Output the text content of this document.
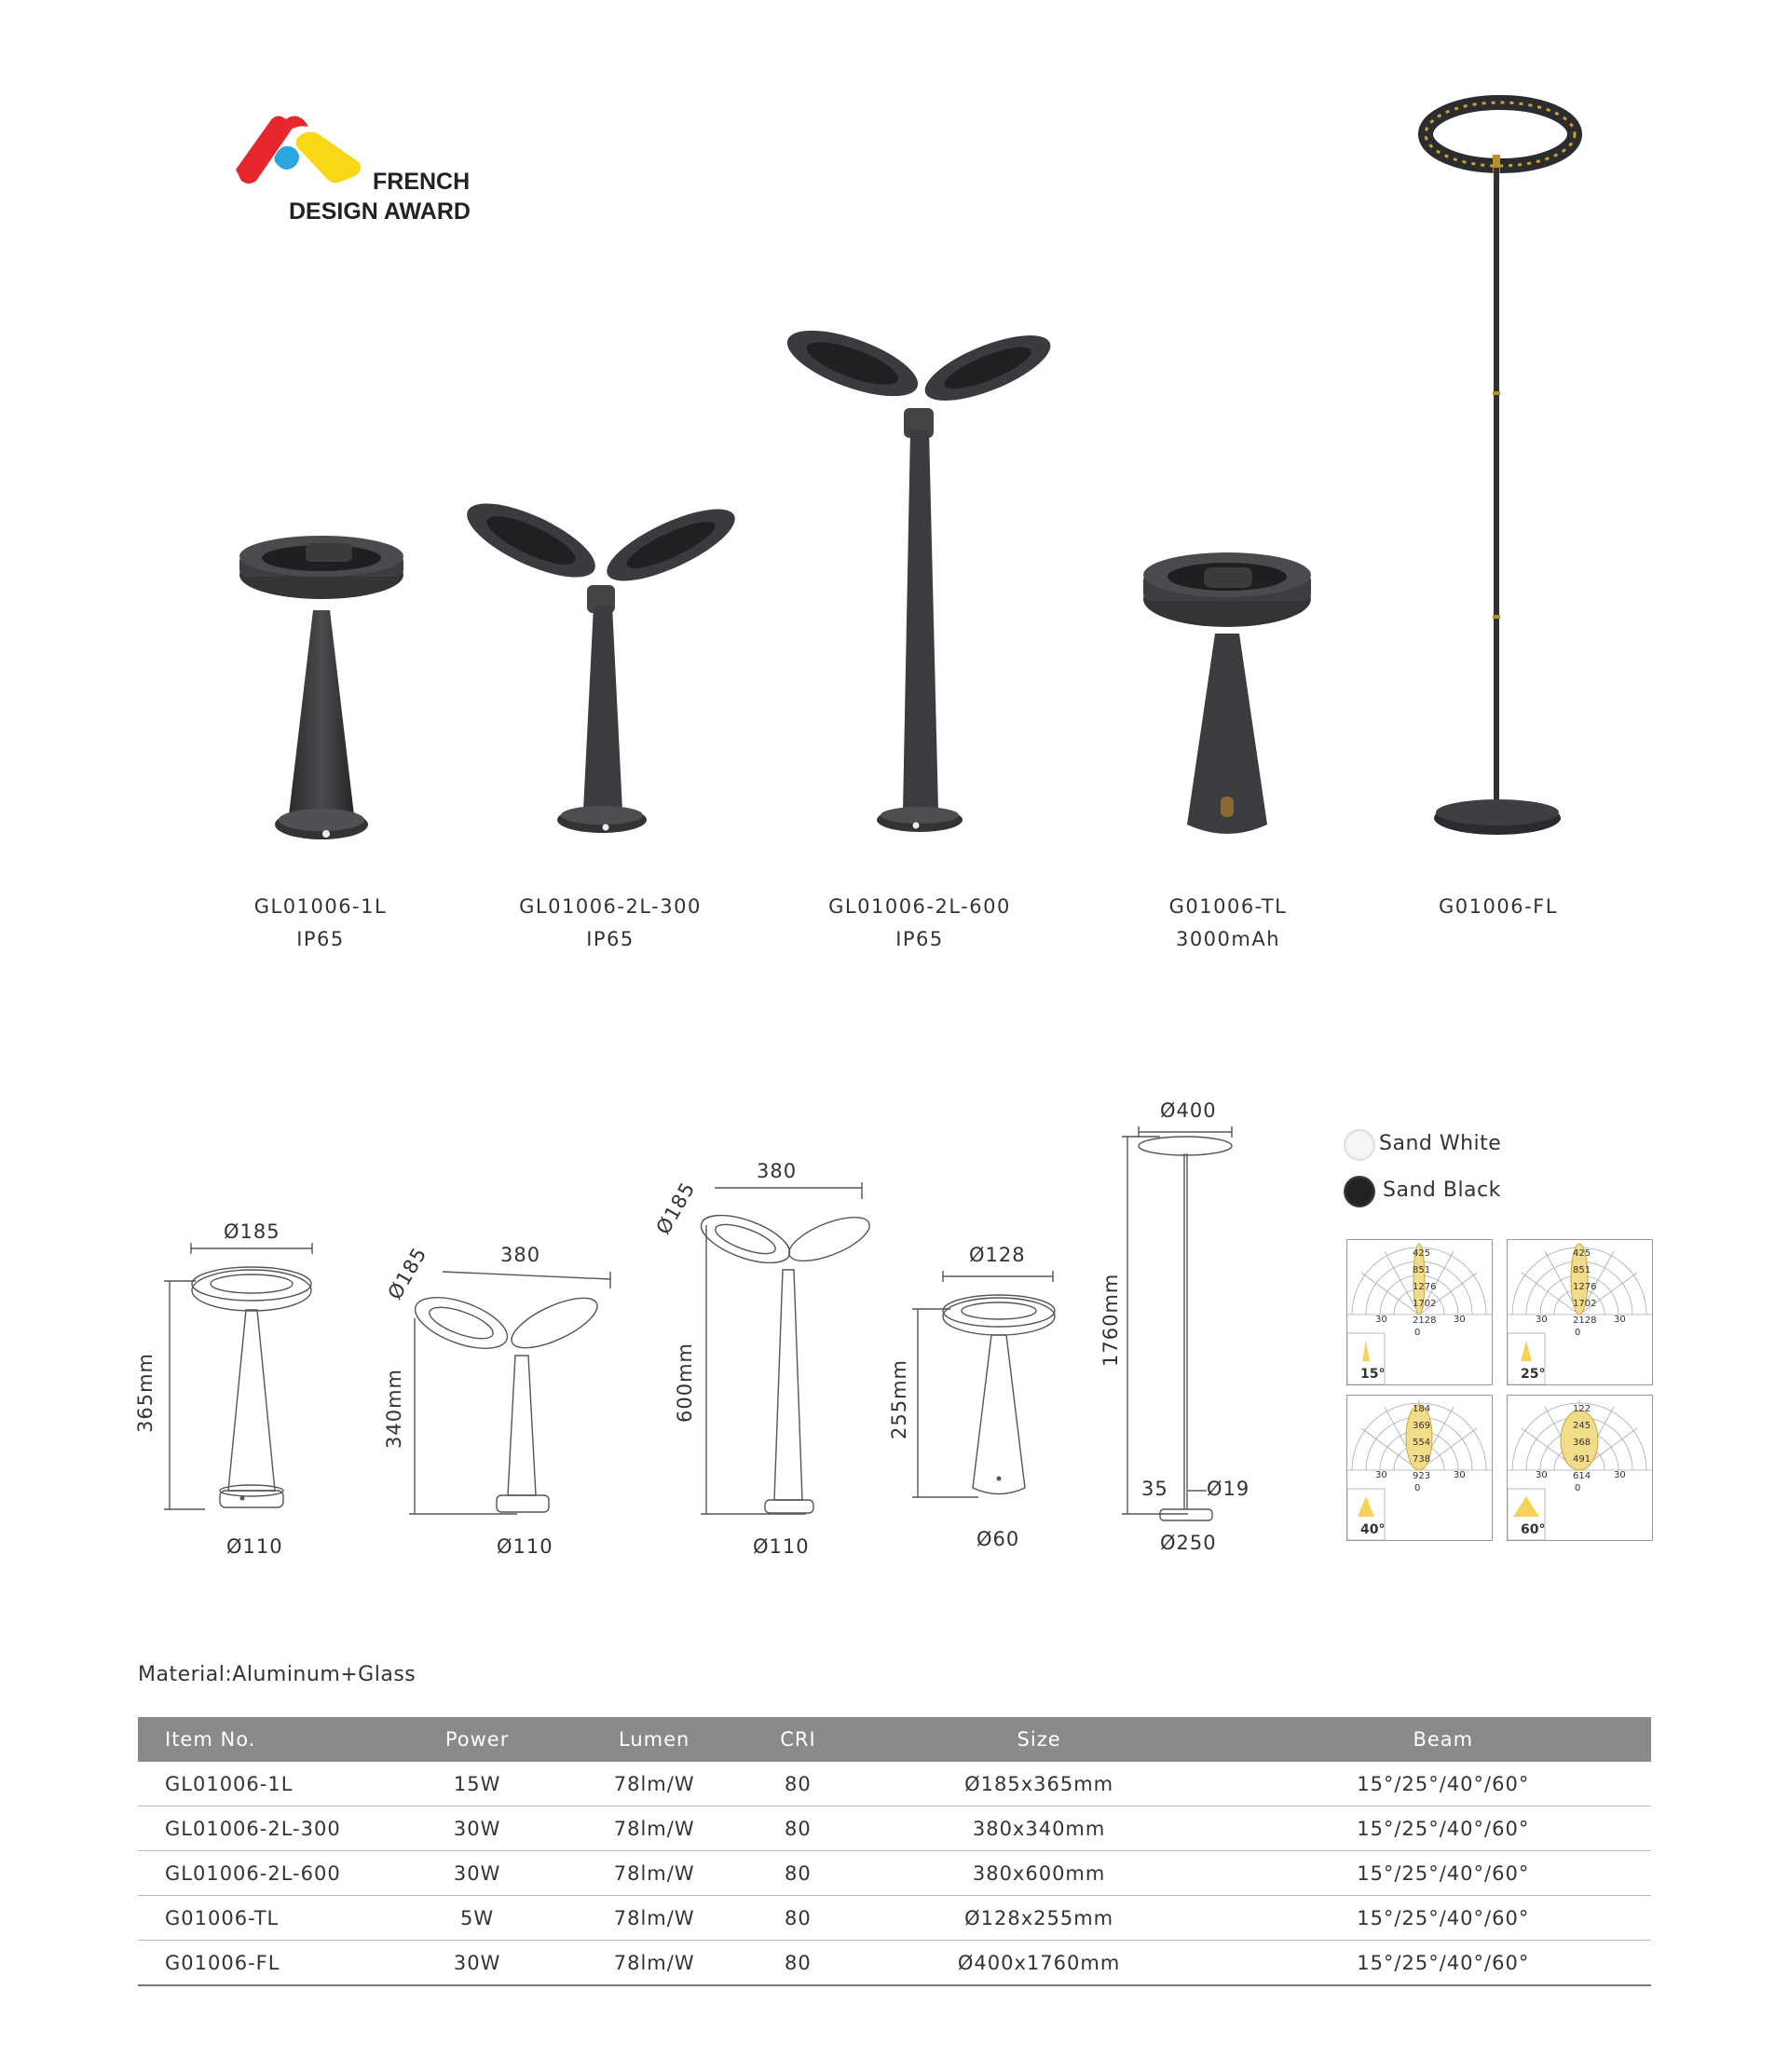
FRENCH
DESIGN AWARD
GL01006-1L
IP65
GL01006-2L-300
IP65
GL01006-2L-600
IP65
G01006-TL
3000mAh
G01006-FL
Ø185
365mm
Ø110
380
Ø185
340mm
Ø110
380
Ø185
600mm
Ø110
Ø128
255mm
Ø60
Ø400
1760mm
35 Ø19
Ø250
Sand White
Sand Black
425
851
1276
1702
2128
30	30
0
15°
425
851
1276
1702
2128
30	30
0
25°
184
369
554
738
923
30	30
0
40°
122
245
368
491
614
30	30
0
60°
Material:Aluminum+Glass
Item No.	Power	Lumen	CRI	Size	Beam
GL01006-1L	15W	78lm/W	80	Ø185x365mm	15°/25°/40°/60°
GL01006-2L-300	30W	78lm/W	80	380x340mm	15°/25°/40°/60°
GL01006-2L-600	30W	78lm/W	80	380x600mm	15°/25°/40°/60°
G01006-TL	5W	78lm/W	80	Ø128x255mm	15°/25°/40°/60°
G01006-FL	30W	78lm/W	80	Ø400x1760mm	15°/25°/40°/60°
